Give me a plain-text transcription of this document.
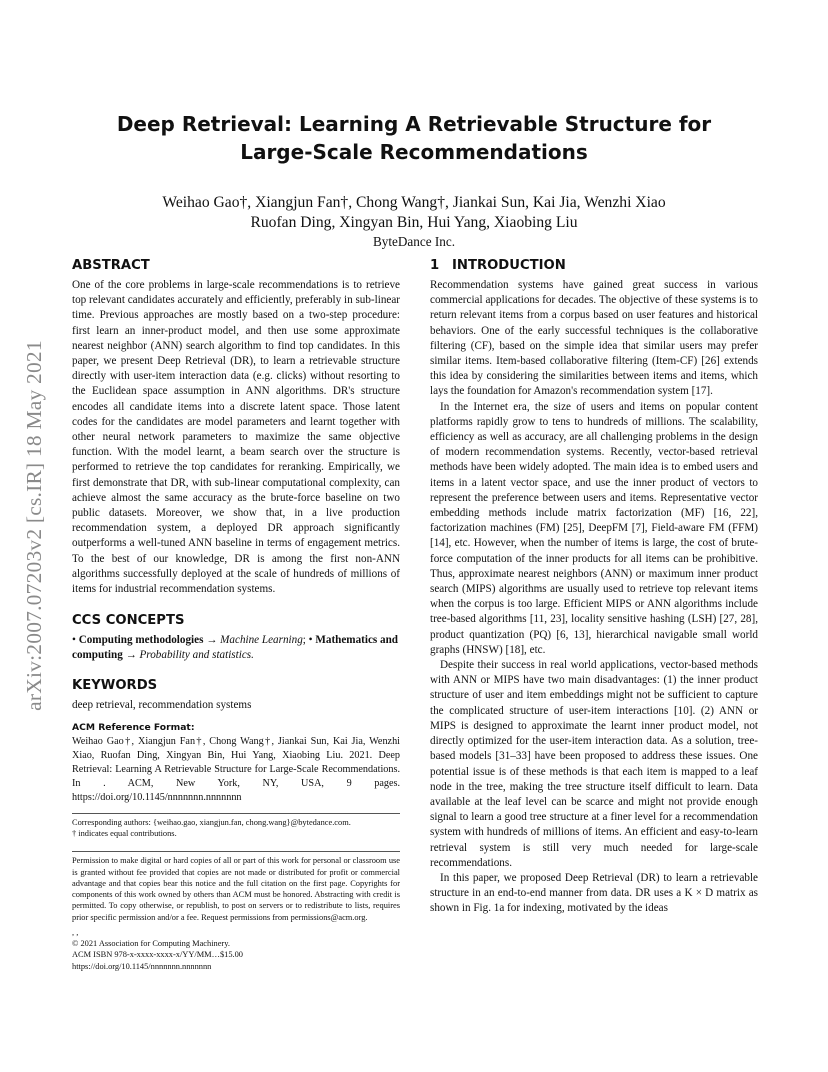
arXiv:2007.07203v2 [cs.IR] 18 May 2021
Deep Retrieval: Learning A Retrievable Structure for
Large-Scale Recommendations
Weihao Gao†, Xiangjun Fan†, Chong Wang†, Jiankai Sun, Kai Jia, Wenzhi Xiao
Ruofan Ding, Xingyan Bin, Hui Yang, Xiaobing Liu
ByteDance Inc.
ABSTRACT

One of the core problems in large-scale recommendations is to retrieve top relevant candidates accurately and efficiently, preferably in sub-linear time. Previous approaches are mostly based on a two-step procedure: first learn an inner-product model, and then use some approximate nearest neighbor (ANN) search algorithm to find top candidates. In this paper, we present Deep Retrieval (DR), to learn a retrievable structure directly with user-item interaction data (e.g. clicks) without resorting to the Euclidean space assumption in ANN algorithms. DR's structure encodes all candidate items into a discrete latent space. Those latent codes for the candidates are model parameters and learnt together with other neural network parameters to maximize the same objective function. With the model learnt, a beam search over the structure is performed to retrieve the top candidates for reranking. Empirically, we first demonstrate that DR, with sub-linear computational complexity, can achieve almost the same accuracy as the brute-force baseline on two public datasets. Moreover, we show that, in a live production recommendation system, a deployed DR approach significantly outperforms a well-tuned ANN baseline in terms of engagement metrics. To the best of our knowledge, DR is among the first non-ANN algorithms successfully deployed at the scale of hundreds of millions of items for industrial recommendation systems.

CCS CONCEPTS

• Computing methodologies → Machine Learning; • Mathematics and computing → Probability and statistics.

KEYWORDS

deep retrieval, recommendation systems

ACM Reference Format:

Weihao Gao†, Xiangjun Fan†, Chong Wang†, Jiankai Sun, Kai Jia, Wenzhi Xiao, Ruofan Ding, Xingyan Bin, Hui Yang, Xiaobing Liu. 2021. Deep Retrieval: Learning A Retrievable Structure for Large-Scale Recommendations. In . ACM, New York, NY, USA, 9 pages. https://doi.org/10.1145/nnnnnnn.nnnnnnn

Corresponding authors: {weihao.gao, xiangjun.fan, chong.wang}@bytedance.com.

† indicates equal contributions.

Permission to make digital or hard copies of all or part of this work for personal or classroom use is granted without fee provided that copies are not made or distributed for profit or commercial advantage and that copies bear this notice and the full citation on the first page. Copyrights for components of this work owned by others than ACM must be honored. Abstracting with credit is permitted. To copy otherwise, or republish, to post on servers or to redistribute to lists, requires prior specific permission and/or a fee. Request permissions from permissions@acm.org.

, ,

© 2021 Association for Computing Machinery.

ACM ISBN 978-x-xxxx-xxxx-x/YY/MM…$15.00

https://doi.org/10.1145/nnnnnnn.nnnnnnn

1 INTRODUCTION

Recommendation systems have gained great success in various commercial applications for decades. The objective of these systems is to return relevant items from a corpus based on user features and historical behaviors. One of the early successful techniques is the collaborative filtering (CF), based on the simple idea that similar users may prefer similar items. Item-based collaborative filtering (Item-CF) [26] extends this idea by considering the similarities between items and items, which lays the foundation for Amazon's recommendation system [17].

In the Internet era, the size of users and items on popular content platforms rapidly grow to tens to hundreds of millions. The scalability, efficiency as well as accuracy, are all challenging problems in the design of modern recommendation systems. Recently, vector-based retrieval methods have been widely adopted. The main idea is to embed users and items in a latent vector space, and use the inner product of vectors to represent the preference between users and items. Representative vector embedding methods include matrix factorization (MF) [16, 22], factorization machines (FM) [25], DeepFM [7], Field-aware FM (FFM) [14], etc. However, when the number of items is large, the cost of brute-force computation of the inner products for all items can be prohibitive. Thus, approximate nearest neighbors (ANN) or maximum inner product search (MIPS) algorithms are usually used to retrieve top relevant items when the corpus is too large. Efficient MIPS or ANN algorithms include tree-based algorithms [11, 23], locality sensitive hashing (LSH) [27, 28], product quantization (PQ) [6, 13], hierarchical navigable small world graphs (HNSW) [18], etc.

Despite their success in real world applications, vector-based methods with ANN or MIPS have two main disadvantages: (1) the inner product structure of user and item embeddings might not be sufficient to capture the complicated structure of user-item interactions [10]. (2) ANN or MIPS is designed to approximate the learnt inner product model, not directly optimized for the user-item interaction data. As a solution, tree-based models [31–33] have been proposed to address these issues. One potential issue is of these methods is that each item is mapped to a leaf node in the tree, making the tree structure itself difficult to learn. Data available at the leaf level can be scarce and might not provide enough signal to learn a good tree structure at a finer level for a recommendation system with hundreds of millions of items. An efficient and easy-to-learn retrieval system is still very much needed for large-scale recommendations.

In this paper, we proposed Deep Retrieval (DR) to learn a retrievable structure in an end-to-end manner from data. DR uses a K × D matrix as shown in Fig. 1a for indexing, motivated by the ideas
